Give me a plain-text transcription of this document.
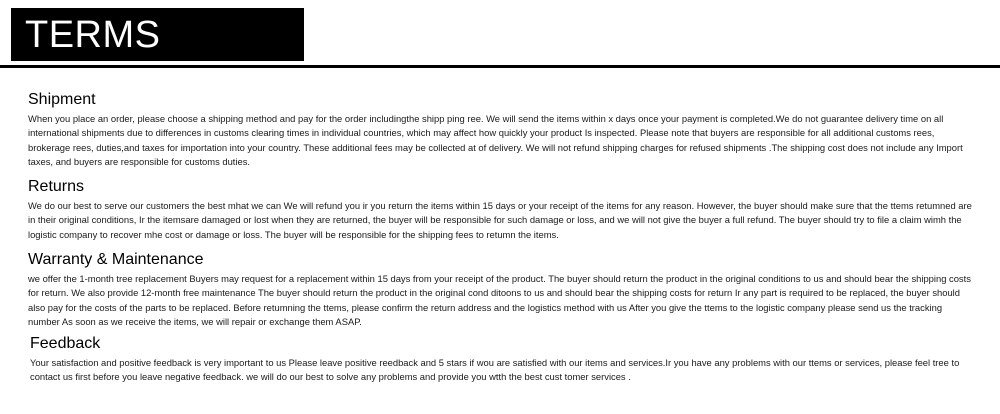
TERMS
Shipment

When you place an order, please choose a shipping method and pay for the order includingthe shipp ping ree. We will send the items within x days once your payment is completed.We do not guarantee delivery time on all international shipments due to differences in customs clearing times in individual countries, which may affect how quickly your product Is inspected. Please note that buyers are responsible for all additional customs rees, brokerage rees, duties,and taxes for importation into your country. These additional fees may be collected at of delivery. We will not refund shipping charges for refused shipments .The shipping cost does not include any Import taxes, and buyers are responsible for customs duties.

Returns

We do our best to serve our customers the best mhat we can We will refund you ir you return the items within 15 days or your receipt of the items for any reason. However, the buyer should make sure that the ttems retumned are in their original conditions, Ir the itemsare damaged or lost when they are returned, the buyer will be responsible for such damage or loss, and we will not give the buyer a full refund. The buyer should try to file a claim wimh the logistic company to recover mhe cost or damage or loss. The buyer will be responsible for the shipping fees to retumn the items.

Warranty & Maintenance

we offer the 1-month tree replacement Buyers may request for a replacement within 15 days from your receipt of the product. The buyer should return the product in the original conditions to us and should bear the shipping costs for return. We also provide 12-month free maintenance The buyer should return the product in the original cond ditoons to us and should bear the shipping costs for return Ir any part is required to be replaced, the buyer should also pay for the costs of the parts to be replaced. Before retumning the ttems, please confirm the return address and the logistics method with us After you give the ttems to the logistic company please send us the tracking number As soon as we receive the items, we will repair or exchange them ASAP.

Feedback

Your satisfaction and positive feedback is very important to us Please leave positive reedback and 5 stars if wou are satisfied with our items and services.Ir you have any problems with our ttems or services, please feel tree to contact us first before you leave negative feedback. we will do our best to solve any problems and provide you wtth the best cust tomer services .
